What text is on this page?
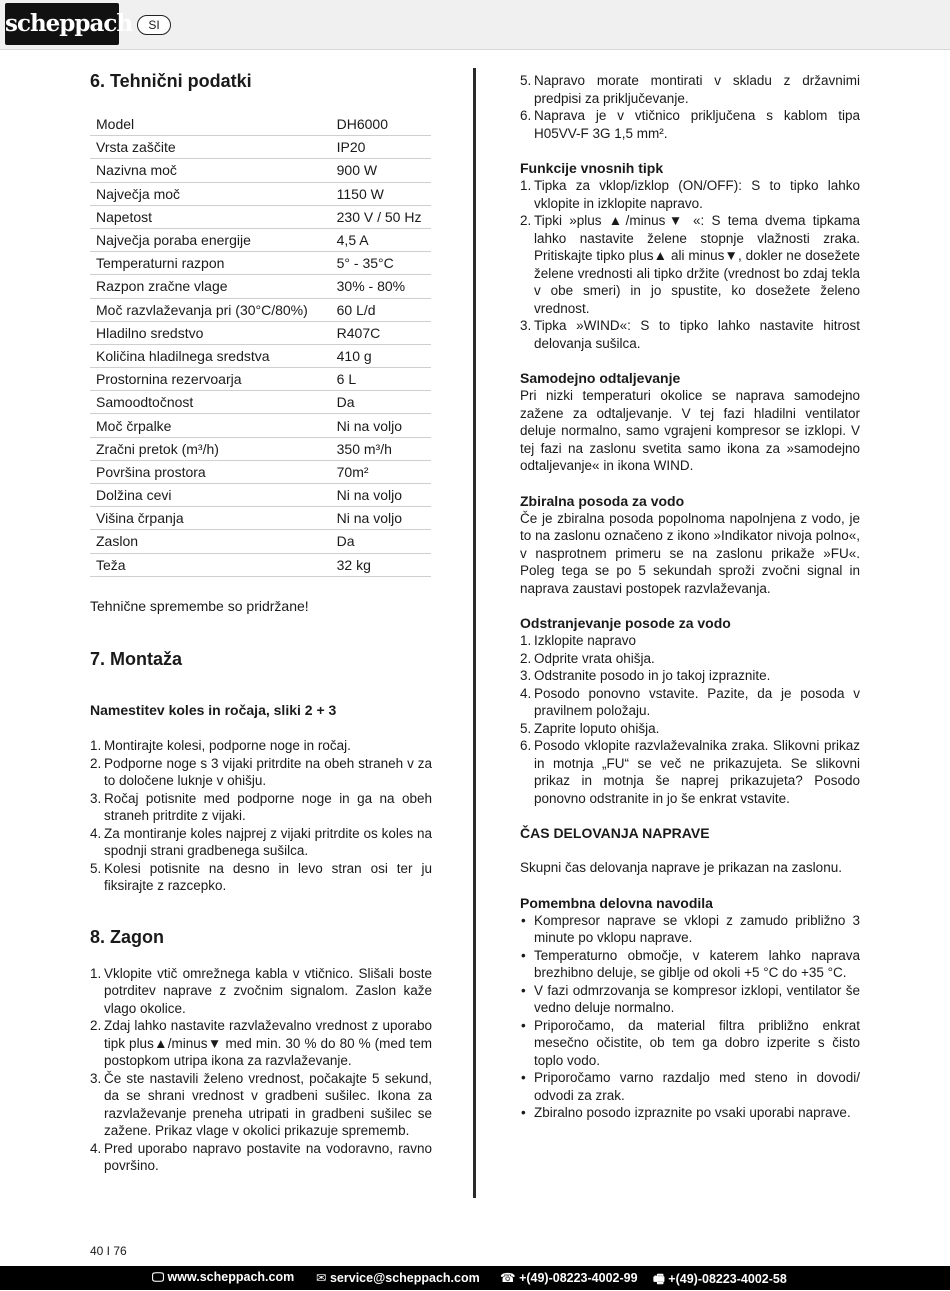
scheppach	SI
6. Tehnični podatki
Model	DH6000
Vrsta zaščite	IP20
Nazivna moč	900 W
Največja moč	1150 W
Napetost	230 V / 50 Hz
Največja poraba energije	4,5 A
Temperaturni razpon	5° - 35°C
Razpon zračne vlage	30% - 80%
Moč razvlaževanja pri (30°C/80%)	60 L/d
Hladilno sredstvo	R407C
Količina hladilnega sredstva	410 g
Prostornina rezervoarja	6 L
Samoodtočnost	Da
Moč črpalke	Ni na voljo
Zračni pretok (m³/h)	350 m³/h
Površina prostora	70m²
Dolžina cevi	Ni na voljo
Višina črpanja	Ni na voljo
Zaslon	Da
Teža	32 kg

Tehnične spremembe so pridržane!

7. Montaža
Namestitev koles in ročaja, sliki 2 + 3
1. Montirajte kolesi, podporne noge in ročaj.
2. Podporne noge s 3 vijaki pritrdite na obeh straneh v za to določene luknje v ohišju.
3. Ročaj potisnite med podporne noge in ga na obeh straneh pritrdite z vijaki.
4. Za montiranje koles najprej z vijaki pritrdite os koles na spodnji strani gradbenega sušilca.
5. Kolesi potisnite na desno in levo stran osi ter ju fiksirajte z razcepko.
8. Zagon
1. Vklopite vtič omrežnega kabla v vtičnico. Slišali boste potrditev naprave z zvočnim signalom. Zaslon kaže vlago okolice.
2. Zdaj lahko nastavite razvlaževalno vrednost z uporabo tipk plus▲/minus▼ med min. 30 % do 80 % (med tem postopkom utripa ikona za razvlaževanje.
3. Če ste nastavili želeno vrednost, počakajte 5 sekund, da se shrani vrednost v gradbeni sušilec. Ikona za razvlaževanje preneha utripati in gradbeni sušilec se zažene. Prikaz vlage v okolici prikazuje sprememb.
4. Pred uporabo napravo postavite na vodoravno, ravno površino.
5. Napravo morate montirati v skladu z državnimi predpisi za priključevanje.
6. Naprava je v vtičnico priključena s kablom tipa H05VV-F 3G 1,5 mm².
Funkcije vnosnih tipk
1. Tipka za vklop/izklop (ON/OFF): S to tipko lahko vklopite in izklopite napravo.
2. Tipki »plus ▲/minus▼ «: S tema dvema tipkama lahko nastavite želene stopnje vlažnosti zraka. Pritiskajte tipko plus▲ ali minus▼, dokler ne dosežete želene vrednosti ali tipko držite (vrednost bo zdaj tekla v obe smeri) in jo spustite, ko dosežete želeno vrednost.
3. Tipka »WIND«: S to tipko lahko nastavite hitrost delovanja sušilca.
Samodejno odtaljevanje

Pri nizki temperaturi okolice se naprava samodejno zažene za odtaljevanje. V tej fazi hladilni ventilator deluje normalno, samo vgrajeni kompresor se izklopi. V tej fazi na zaslonu svetita samo ikona za »samodejno odtaljevanje« in ikona WIND.

Zbiralna posoda za vodo

Če je zbiralna posoda popolnoma napolnjena z vodo, je to na zaslonu označeno z ikono »Indikator nivoja polno«, v nasprotnem primeru se na zaslonu prikaže »FU«. Poleg tega se po 5 sekundah sproži zvočni signal in naprava zaustavi postopek razvlaževanja.

Odstranjevanje posode za vodo
1. Izklopite napravo
2. Odprite vrata ohišja.
3. Odstranite posodo in jo takoj izpraznite.
4. Posodo ponovno vstavite. Pazite, da je posoda v pravilnem položaju.
5. Zaprite loputo ohišja.
6. Posodo vklopite razvlaževalnika zraka. Slikovni prikaz in motnja „FU“ se več ne prikazujeta. Se slikovni prikaz in motnja še naprej prikazujeta? Posodo ponovno odstranite in jo še enkrat vstavite.
ČAS DELOVANJA NAPRAVE

Skupni čas delovanja naprave je prikazan na zaslonu.

Pomembna delovna navodila
• Kompresor naprave se vklopi z zamudo približno 3 minute po vklopu naprave.
• Temperaturno območje, v katerem lahko naprava brezhibno deluje, se giblje od okoli +5 °C do +35 °C.
• V fazi odmrzovanja se kompresor izklopi, ventilator še vedno deluje normalno.
• Priporočamo, da material filtra približno enkrat mesečno očistite, ob tem ga dobro izperite s čisto toplo vodo.
• Priporočamo varno razdaljo med steno in dovodi/ odvodi za zrak.
• Zbiralno posodo izpraznite po vsaki uporabi naprave.
40 I 76
🖵 www.scheppach.com ✉ service@scheppach.com ☎ +(49)-08223-4002-99 🖷 +(49)-08223-4002-58
